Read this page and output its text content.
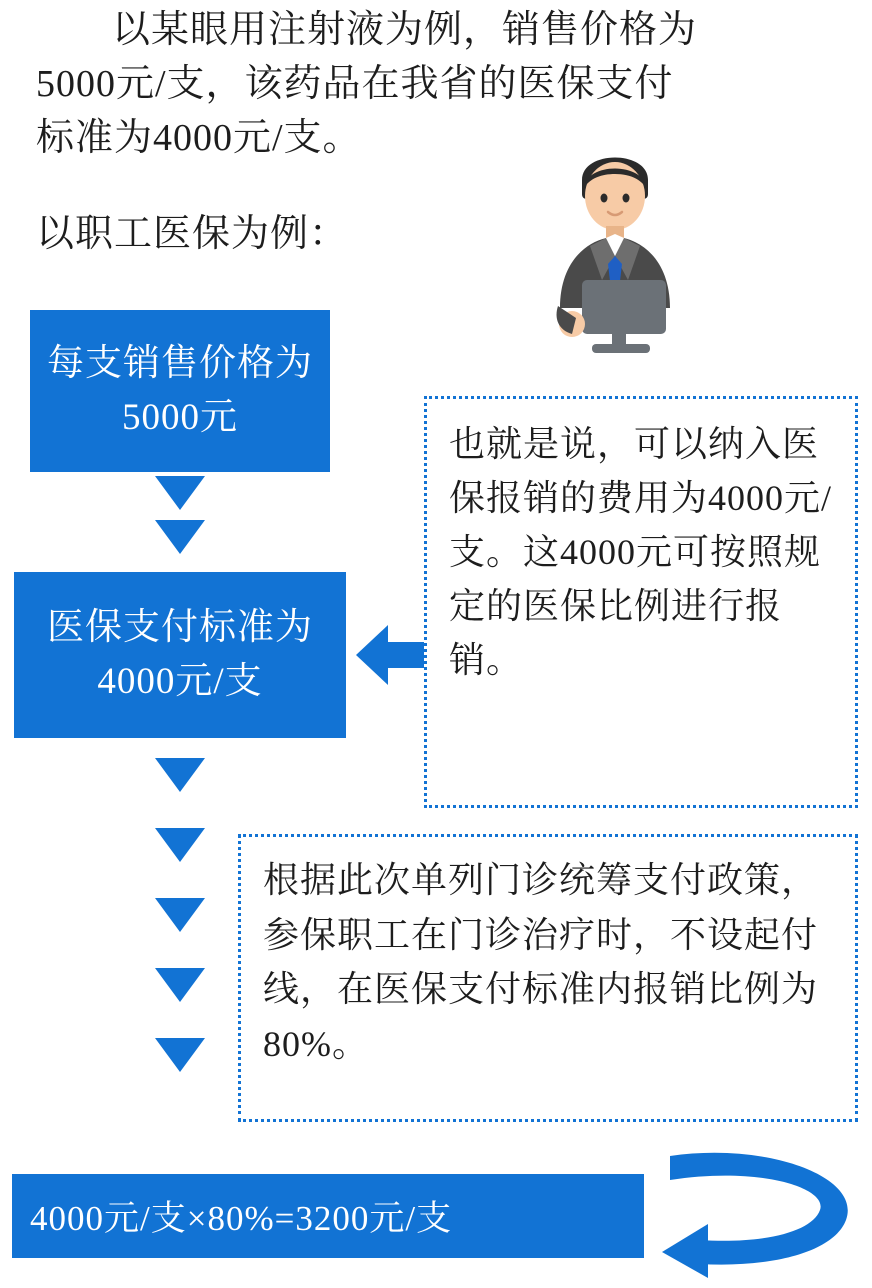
以某眼用注射液为例，销售价格为

5000元/支，该药品在我省的医保支付

标准为4000元/支。

以职工医保为例：
每支销售价格为5000元
医保支付标准为4000元/支
也就是说，可以纳入医保报销的费用为4000元/支。这4000元可按照规定的医保比例进行报销。
根据此次单列门诊统筹支付政策，参保职工在门诊治疗时，不设起付线，在医保支付标准内报销比例为80%。
4000元/支×80%=3200元/支
